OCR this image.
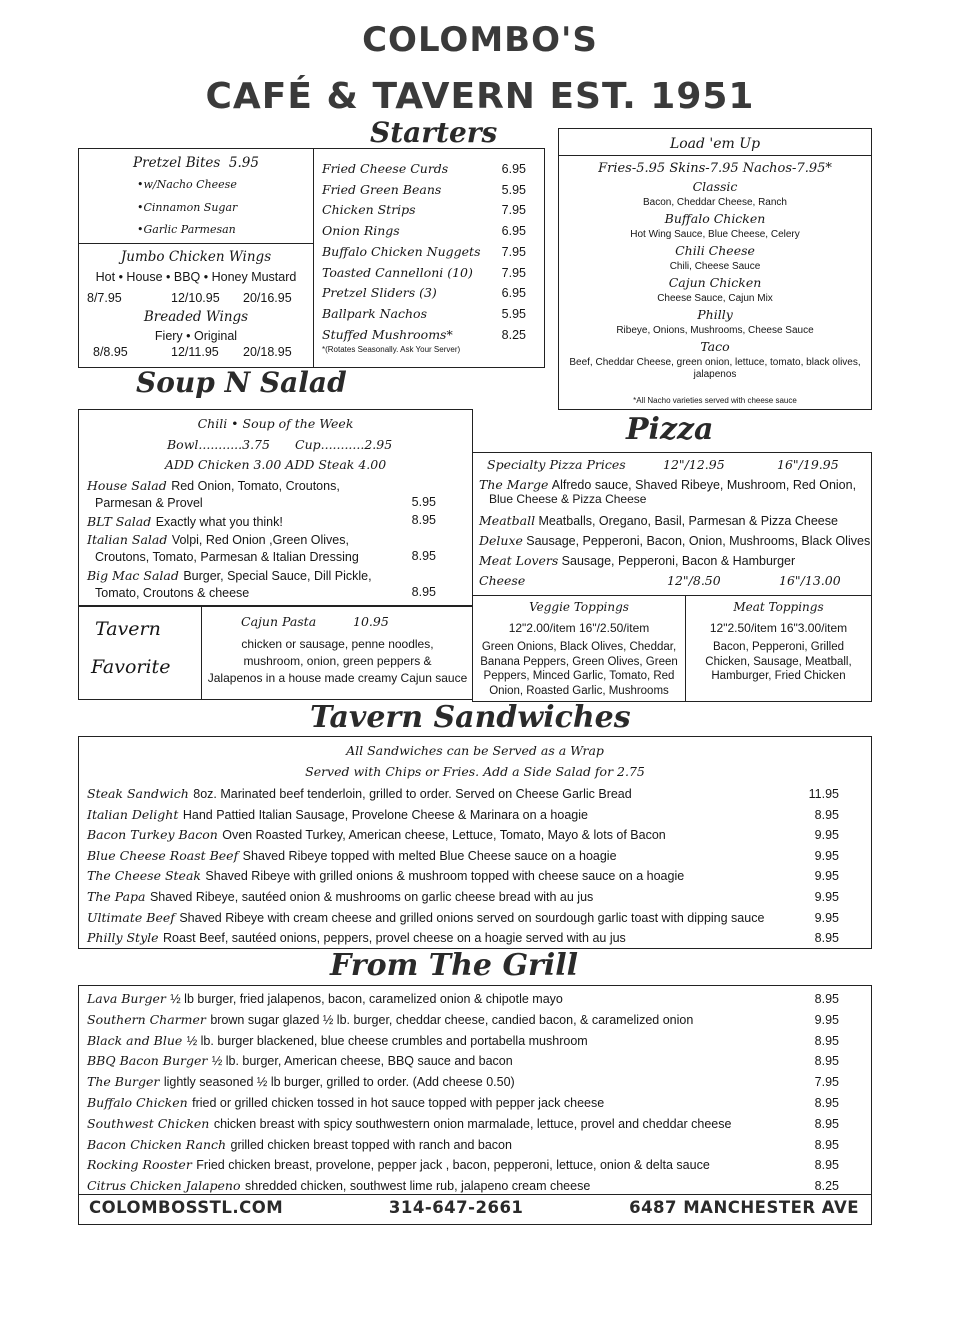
COLOMBO'S
CAFÉ & TAVERN EST. 1951
Starters
Pretzel Bites 5.95
•w/Nacho Cheese
•Cinnamon Sugar
•Garlic Parmesan
Jumbo Chicken Wings
Hot • House • BBQ • Honey Mustard
8/7.95	12/10.95 20/16.95
Breaded Wings
Fiery • Original
8/8.95	12/11.95 20/18.95
Fried Cheese Curds	6.95
Fried Green Beans	5.95
Chicken Strips	7.95
Onion Rings	6.95
Buffalo Chicken Nuggets 7.95
Toasted Cannelloni (10) 7.95
Pretzel Sliders (3)	6.95
Ballpark Nachos	5.95
Stuffed Mushrooms*	8.25
*(Rotates Seasonally. Ask Your Server)
Load 'em Up
Fries-5.95 Skins-7.95 Nachos-7.95*
Classic
Bacon, Cheddar Cheese, Ranch
Buffalo Chicken
Hot Wing Sauce, Blue Cheese, Celery
Chili Cheese
Chili, Cheese Sauce
Cajun Chicken
Cheese Sauce, Cajun Mix
Philly
Ribeye, Onions, Mushrooms, Cheese Sauce
Taco
Beef, Cheddar Cheese, green onion, lettuce, tomato, black olives, jalapenos
*All Nacho varieties served with cheese sauce
Soup N Salad
Chili • Soup of the Week
Bowl...........3.75 Cup...........2.95
ADD Chicken 3.00 ADD Steak 4.00
House Salad Red Onion, Tomato, Croutons,
Parmesan & Provel	5.95
BLT Salad Exactly what you think!	8.95
Italian Salad Volpi, Red Onion ,Green Olives,
Croutons, Tomato, Parmesan & Italian Dressing	8.95
Big Mac Salad Burger, Special Sauce, Dill Pickle,
Tomato, Croutons & cheese	8.95
Tavern
Favorite
Cajun Pasta	10.95
chicken or sausage, penne noodles,
mushroom, onion, green peppers &
Jalapenos in a house made creamy Cajun sauce
Pizza
Specialty Pizza Prices	12"/12.95	16"/19.95
The Marge Alfredo sauce, Shaved Ribeye, Mushroom, Red Onion,
Blue Cheese & Pizza Cheese
Meatball Meatballs, Oregano, Basil, Parmesan & Pizza Cheese
Deluxe Sausage, Pepperoni, Bacon, Onion, Mushrooms, Black Olives
Meat Lovers Sausage, Pepperoni, Bacon & Hamburger
Cheese	12"/8.50	16"/13.00
Veggie Toppings
12"2.00/item 16"/2.50/item
Green Onions, Black Olives, Cheddar, Banana Peppers, Green Olives, Green Peppers, Minced Garlic, Tomato, Red Onion, Roasted Garlic, Mushrooms
Meat Toppings
12"2.50/item 16"3.00/item
Bacon, Pepperoni, Grilled Chicken, Sausage, Meatball, Hamburger, Fried Chicken
Tavern Sandwiches
All Sandwiches can be Served as a Wrap
Served with Chips or Fries. Add a Side Salad for 2.75
Steak Sandwich 8oz. Marinated beef tenderloin, grilled to order. Served on Cheese Garlic Bread	11.95
Italian Delight Hand Pattied Italian Sausage, Provelone Cheese & Marinara on a hoagie	8.95
Bacon Turkey Bacon Oven Roasted Turkey, American cheese, Lettuce, Tomato, Mayo & lots of Bacon	9.95
Blue Cheese Roast Beef Shaved Ribeye topped with melted Blue Cheese sauce on a hoagie	9.95
The Cheese Steak Shaved Ribeye with grilled onions & mushroom topped with cheese sauce on a hoagie	9.95
The Papa Shaved Ribeye, sautéed onion & mushrooms on garlic cheese bread with au jus	9.95
Ultimate Beef Shaved Ribeye with cream cheese and grilled onions served on sourdough garlic toast with dipping sauce	9.95
Philly Style Roast Beef, sautéed onions, peppers, provel cheese on a hoagie served with au jus	8.95
From The Grill
Lava Burger ½ lb burger, fried jalapenos, bacon, caramelized onion & chipotle mayo	8.95
Southern Charmer brown sugar glazed ½ lb. burger, cheddar cheese, candied bacon, & caramelized onion	9.95
Black and Blue ½ lb. burger blackened, blue cheese crumbles and portabella mushroom	8.95
BBQ Bacon Burger ½ lb. burger, American cheese, BBQ sauce and bacon	8.95
The Burger lightly seasoned ½ lb burger, grilled to order. (Add cheese 0.50)	7.95
Buffalo Chicken fried or grilled chicken tossed in hot sauce topped with pepper jack cheese	8.95
Southwest Chicken chicken breast with spicy southwestern onion marmalade, lettuce, provel and cheddar cheese	8.95
Bacon Chicken Ranch grilled chicken breast topped with ranch and bacon	8.95
Rocking Rooster Fried chicken breast, provelone, pepper jack , bacon, pepperoni, lettuce, onion & delta sauce	8.95
Citrus Chicken Jalapeno shredded chicken, southwest lime rub, jalapeno cream cheese	8.25
COLOMBOSSTL.COM	314-647-2661	6487 MANCHESTER AVE
